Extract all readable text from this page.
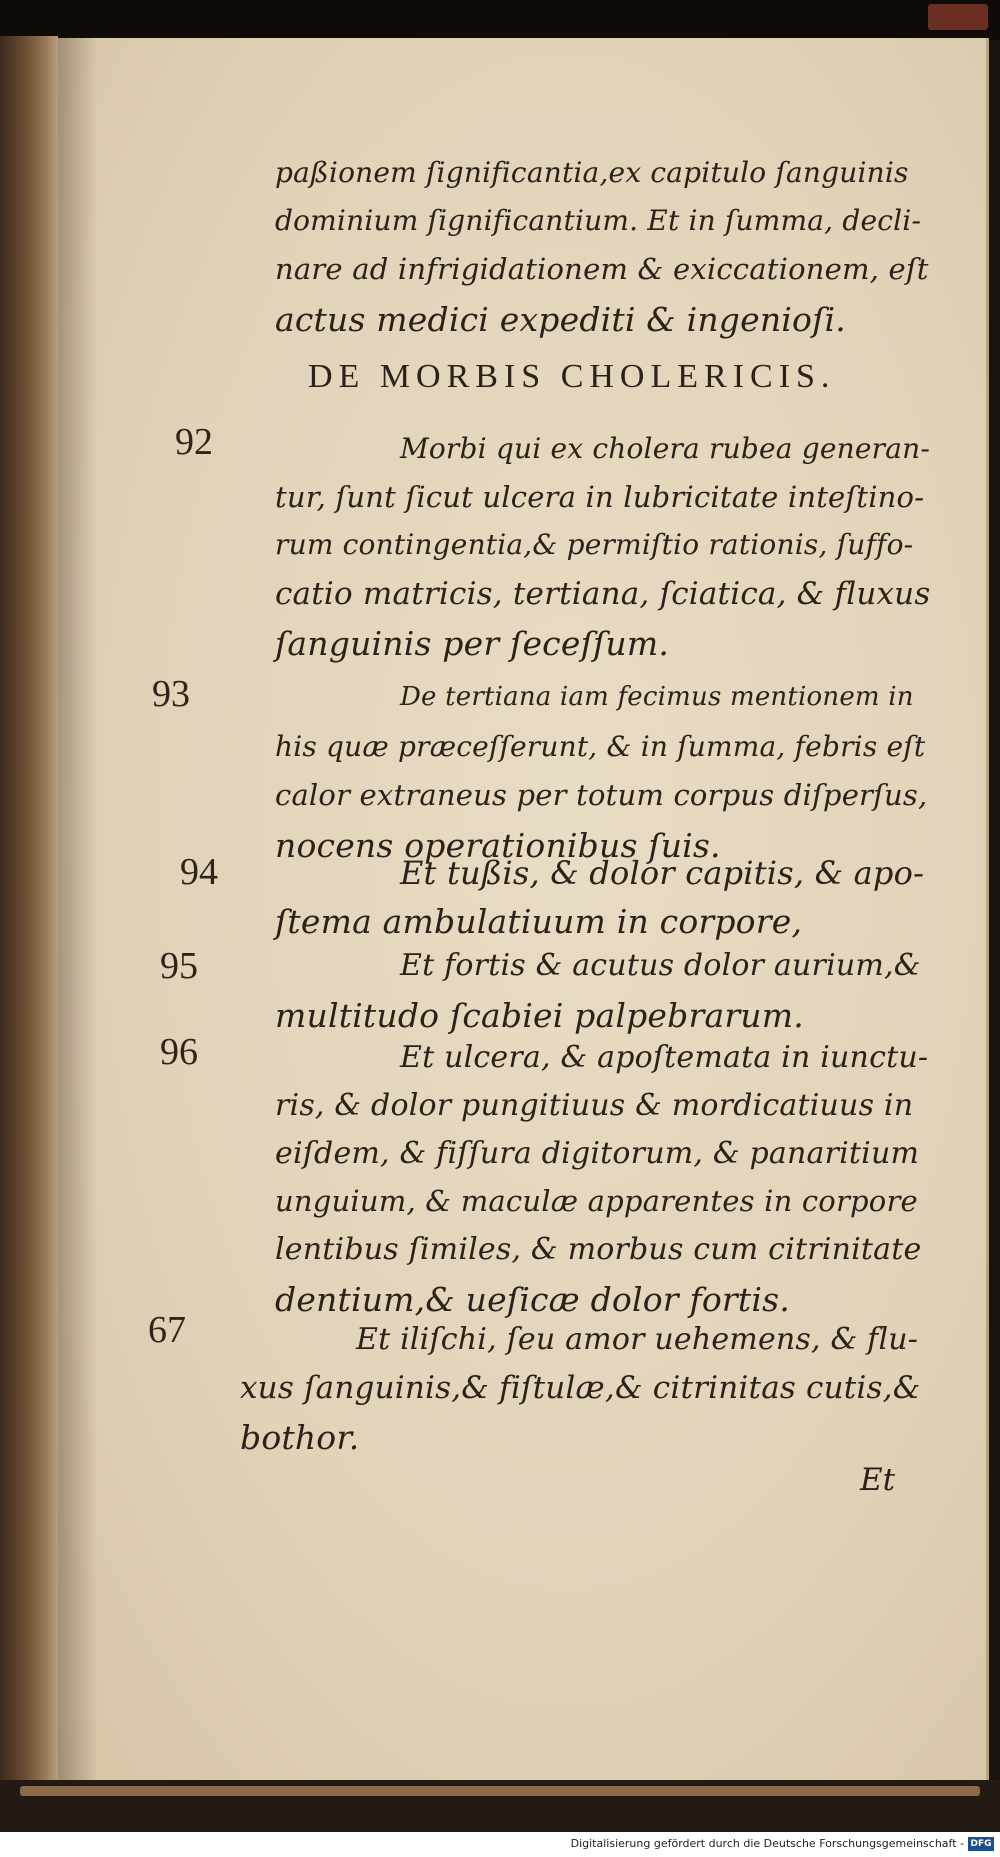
paßionem ſignificantia,ex capitulo ſanguinis
dominium ſignificantium. Et in ſumma, decli-
nare ad infrigidationem & exiccationem, eſt
actus medici expediti & ingenioſi.
DE MORBIS CHOLERICIS.
92	Morbi qui ex cholera rubea generan-
tur, ſunt ſicut ulcera in lubricitate inteſtino-
rum contingentia,& permiſtio rationis, ſuffo-
catio matricis, tertiana, ſciatica, & fluxus
ſanguinis per ſeceſſum.
93	De tertiana iam fecimus mentionem in
his quæ præceſſerunt, & in ſumma, febris eſt
calor extraneus per totum corpus diſperſus,
nocens operationibus ſuis.
94	Et tußis, & dolor capitis, & apo-
ſtema ambulatiuum in corpore,
95	Et fortis & acutus dolor aurium,&
multitudo ſcabiei palpebrarum.
96	Et ulcera, & apoſtemata in iunctu-
ris, & dolor pungitiuus & mordicatiuus in
eiſdem, & fiſſura digitorum, & panaritium
unguium, & maculæ apparentes in corpore
lentibus ſimiles, & morbus cum citrinitate
dentium,& ueſicæ dolor fortis.
67	Et iliſchi, ſeu amor uehemens, & flu-
xus ſanguinis,& fiſtulæ,& citrinitas cutis,&
bothor.
Et
Digitalisierung gefördert durch die Deutsche Forschungsgemeinschaft - DFG
